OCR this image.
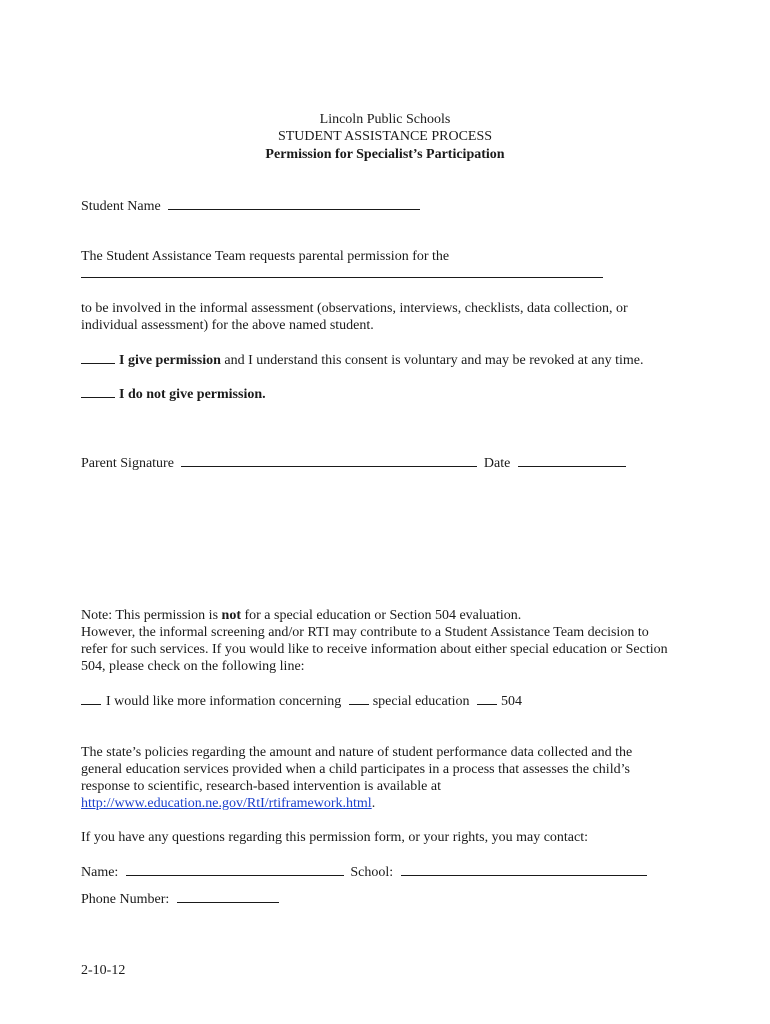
Lincoln Public Schools
STUDENT ASSISTANCE PROCESS
Permission for Specialist’s Participation
Student Name
The Student Assistance Team requests parental permission for the
to be involved in the informal assessment (observations, interviews, checklists, data collection, or
individual assessment) for the above named student.
I give permission and I understand this consent is voluntary and may be revoked at any time.
I do not give permission.
Parent Signature	Date
Note: This permission is not for a special education or Section 504 evaluation.
However, the informal screening and/or RTI may contribute to a Student Assistance Team decision to
refer for such services. If you would like to receive information about either special education or Section
504, please check on the following line:
I would like more information concerning special education 504
The state’s policies regarding the amount and nature of student performance data collected and the
general education services provided when a child participates in a process that assesses the child’s
response to scientific, research-based intervention is available at
http://www.education.ne.gov/RtI/rtiframework.html.
If you have any questions regarding this permission form, or your rights, you may contact:
Name:	School:
Phone Number:
2-10-12
